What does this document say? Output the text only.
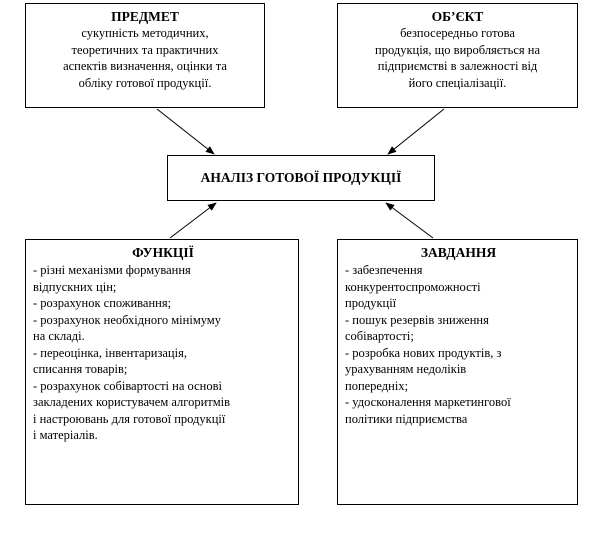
ПРЕДМЕТ
сукупність методичних,
теоретичних та практичних
аспектів визначення, оцінки та
обліку готової продукції.
ОБ’ЄКТ
безпосередньо готова
продукція, що виробляється на
підприємстві в залежності від
його спеціалізації.
АНАЛІЗ ГОТОВОЇ ПРОДУКЦІЇ
ФУНКЦІЇ
- різні механізми формування
відпускних цін;
- розрахунок споживання;
- розрахунок необхідного мінімуму
на складі.
- переоцінка, інвентаризація,
списання товарів;
- розрахунок собівартості на основі
закладених користувачем алгоритмів
і настроювань для готової продукції
і матеріалів.
ЗАВДАННЯ
- забезпечення
конкурентоспроможності
продукції
- пошук резервів зниження
собівартості;
- розробка нових продуктів, з
урахуванням недоліків
попередніх;
- удосконалення маркетингової
політики підприємства
